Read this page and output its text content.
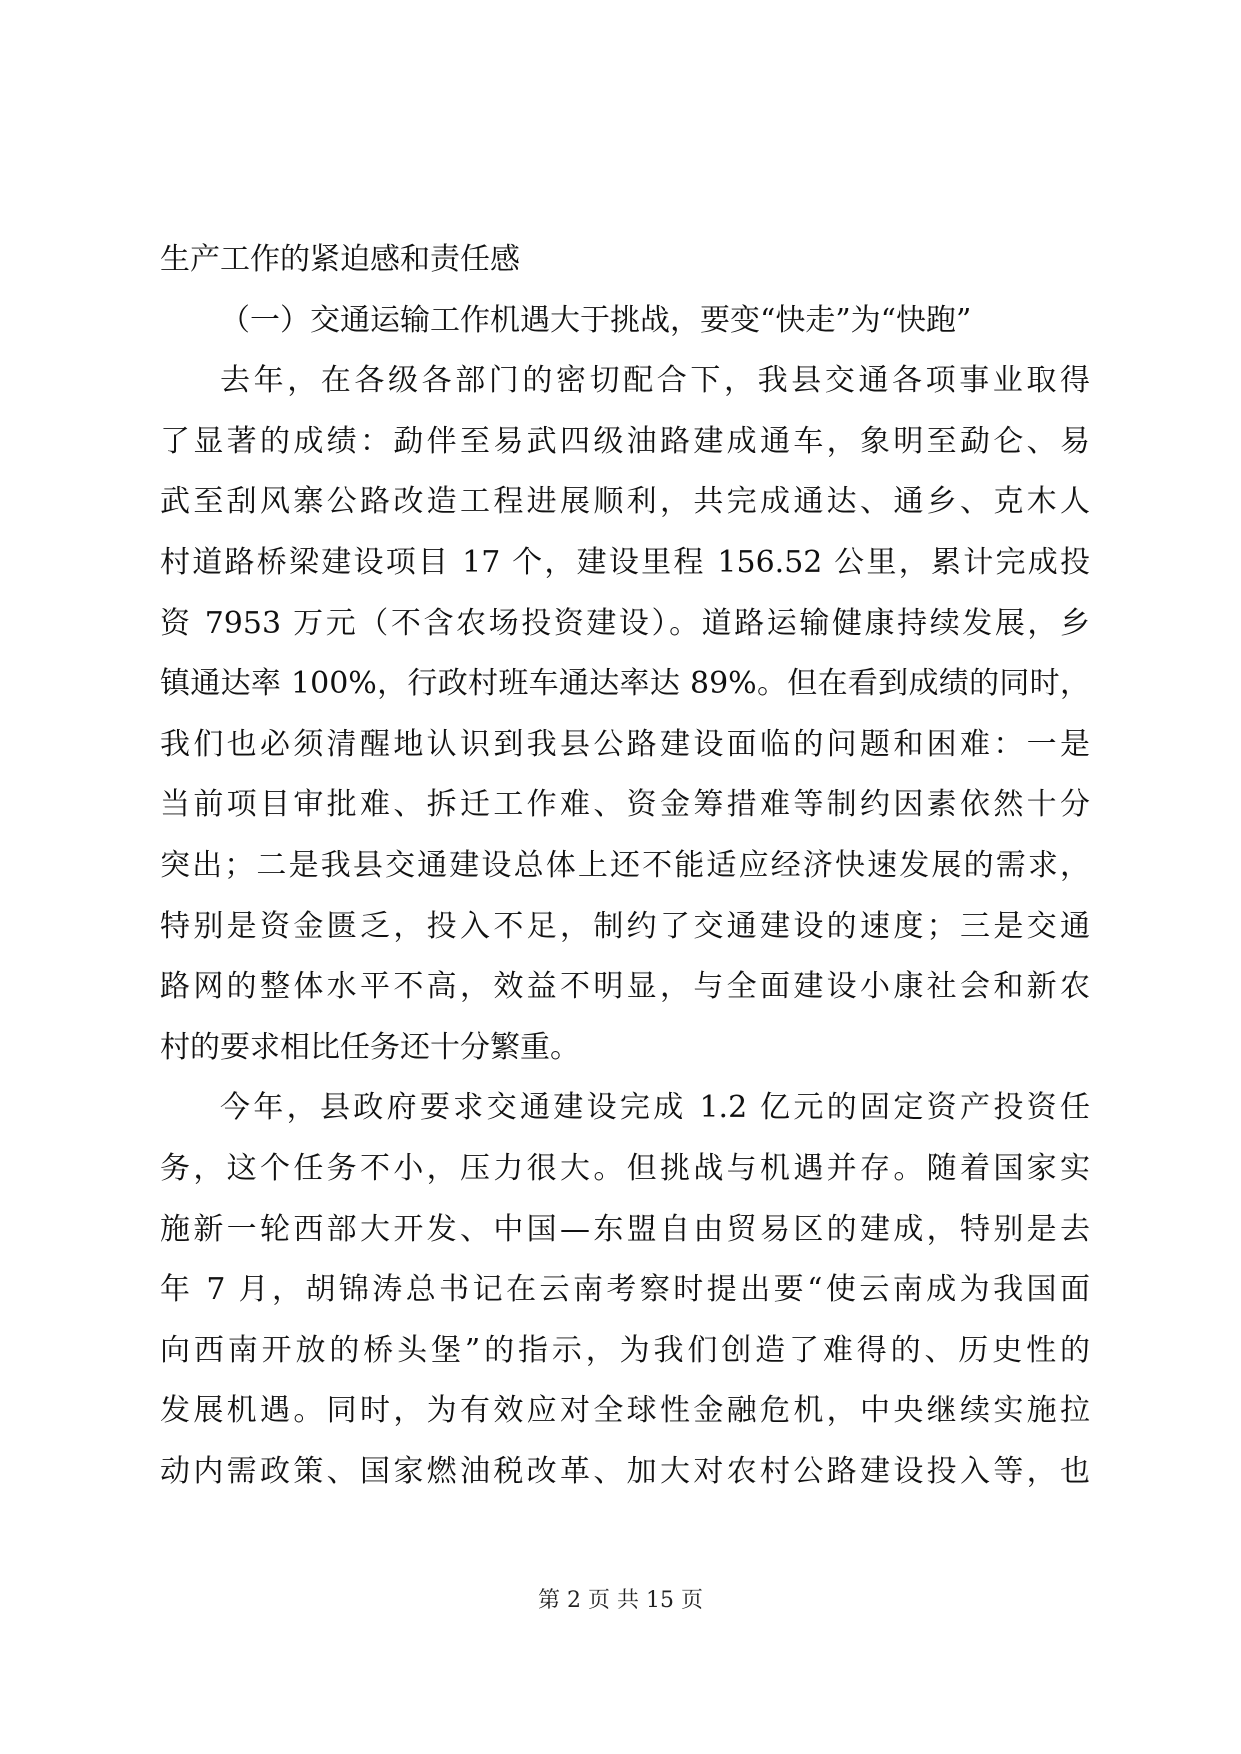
生产工作的紧迫感和责任感
（一）交通运输工作机遇大于挑战，要变“快走”为“快跑”
去年，在各级各部门的密切配合下，我县交通各项事业取得
了显著的成绩：勐伴至易武四级油路建成通车，象明至勐仑、易
武至刮风寨公路改造工程进展顺利，共完成通达、通乡、克木人
村道路桥梁建设项目 17 个，建设里程 156.52 公里，累计完成投
资 7953 万元（不含农场投资建设）。道路运输健康持续发展，乡
镇通达率 100%，行政村班车通达率达 89%。但在看到成绩的同时，
我们也必须清醒地认识到我县公路建设面临的问题和困难：一是
当前项目审批难、拆迁工作难、资金筹措难等制约因素依然十分
突出；二是我县交通建设总体上还不能适应经济快速发展的需求，
特别是资金匮乏，投入不足，制约了交通建设的速度；三是交通
路网的整体水平不高，效益不明显，与全面建设小康社会和新农
村的要求相比任务还十分繁重。
今年，县政府要求交通建设完成 1.2 亿元的固定资产投资任
务，这个任务不小，压力很大。但挑战与机遇并存。随着国家实
施新一轮西部大开发、中国—东盟自由贸易区的建成，特别是去
年 7 月，胡锦涛总书记在云南考察时提出要“使云南成为我国面
向西南开放的桥头堡”的指示，为我们创造了难得的、历史性的
发展机遇。同时，为有效应对全球性金融危机，中央继续实施拉
动内需政策、国家燃油税改革、加大对农村公路建设投入等，也
第 2 页 共 15 页
